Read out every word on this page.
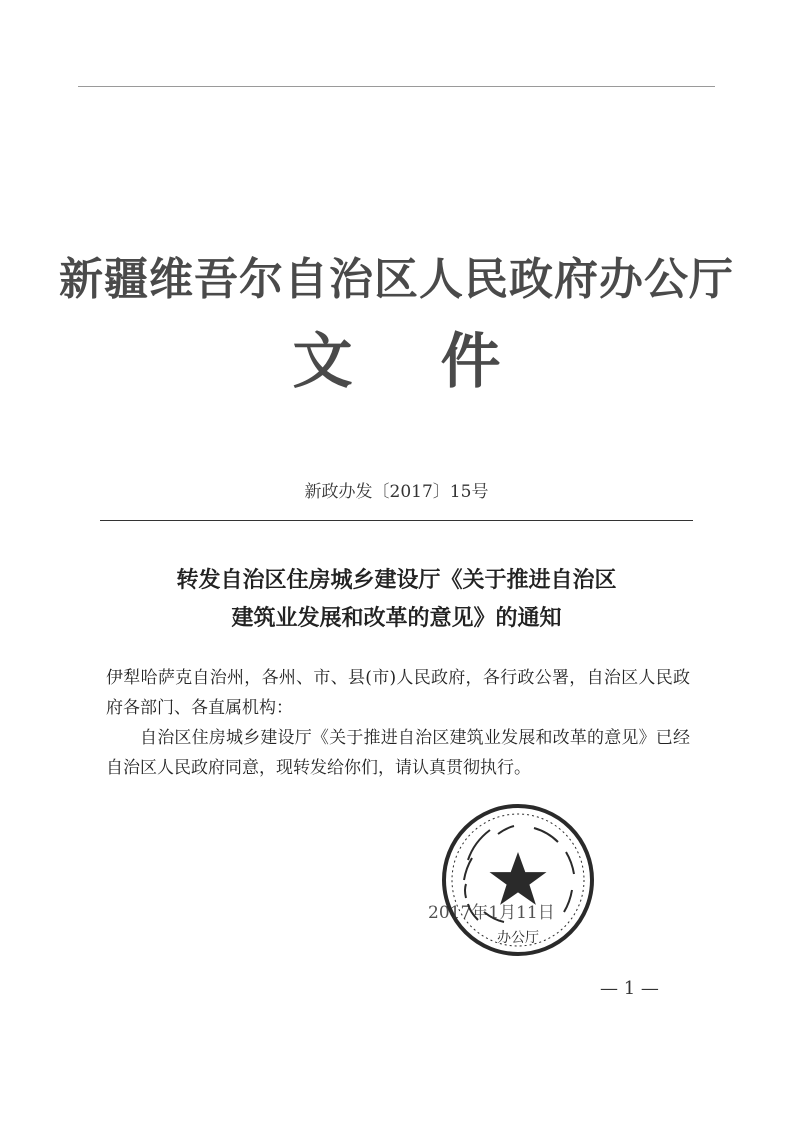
新疆维吾尔自治区人民政府办公厅
文件
新政办发〔2017〕15号
转发自治区住房城乡建设厅《关于推进自治区
建筑业发展和改革的意见》的通知

伊犁哈萨克自治州，各州、市、县(市)人民政府，各行政公署，自治区人民政府各部门、各直属机构：

自治区住房城乡建设厅《关于推进自治区建筑业发展和改革的意见》已经自治区人民政府同意，现转发给你们，请认真贯彻执行。

办公厅
2017年1月11日
— 1 —
